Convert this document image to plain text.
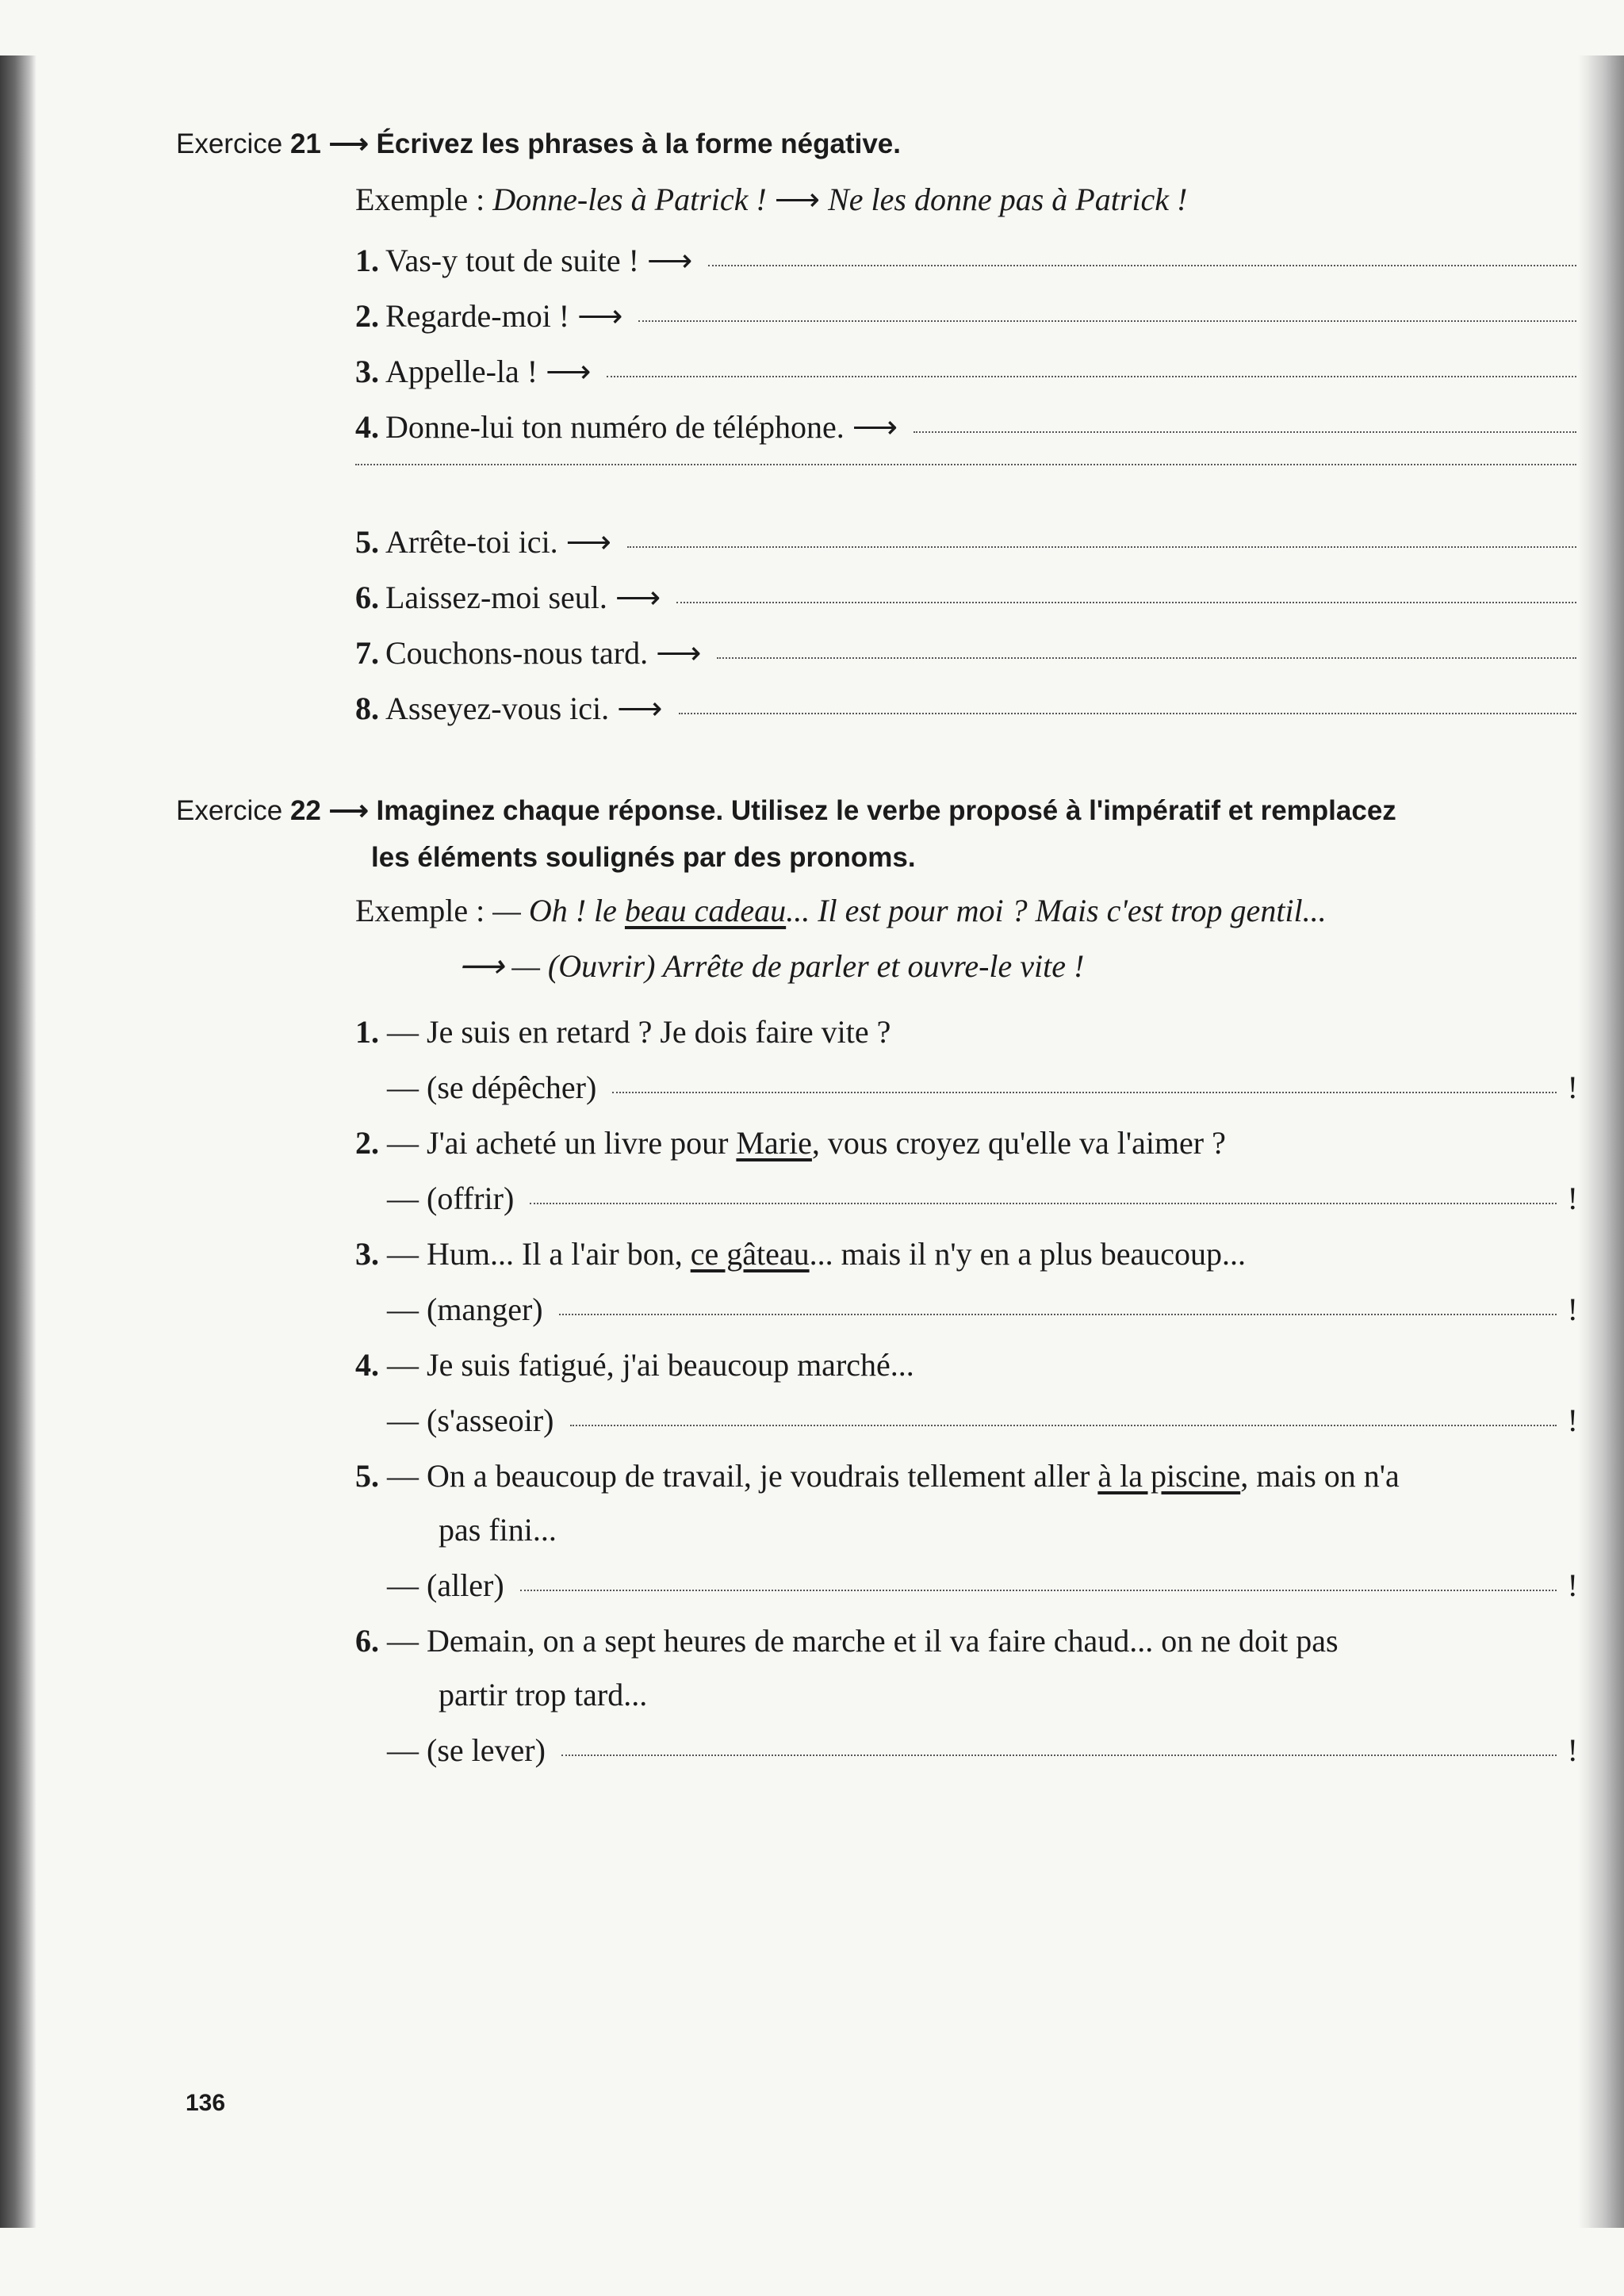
Exercice 21 ⟶ Écrivez les phrases à la forme négative.
Exemple : Donne-les à Patrick ! ⟶ Ne les donne pas à Patrick !
1. Vas-y tout de suite ! ⟶
2. Regarde-moi ! ⟶
3. Appelle-la ! ⟶
4. Donne-lui ton numéro de téléphone. ⟶
5. Arrête-toi ici. ⟶
6. Laissez-moi seul. ⟶
7. Couchons-nous tard. ⟶
8. Asseyez-vous ici. ⟶
Exercice 22 ⟶ Imaginez chaque réponse. Utilisez le verbe proposé à l'impératif et remplacez
les éléments soulignés par des pronoms.
Exemple : — Oh ! le beau cadeau... Il est pour moi ? Mais c'est trop gentil...
⟶ — (Ouvrir) Arrête de parler et ouvre-le vite !
1. — Je suis en retard ? Je dois faire vite ?
— (se dépêcher)	!
2. — J'ai acheté un livre pour Marie, vous croyez qu'elle va l'aimer ?
— (offrir)	!
3. — Hum... Il a l'air bon, ce gâteau... mais il n'y en a plus beaucoup...
— (manger)	!
4. — Je suis fatigué, j'ai beaucoup marché...
— (s'asseoir)	!
5. — On a beaucoup de travail, je voudrais tellement aller à la piscine, mais on n'a
pas fini...
— (aller)	!
6. — Demain, on a sept heures de marche et il va faire chaud... on ne doit pas
partir trop tard...
— (se lever)	!
136
